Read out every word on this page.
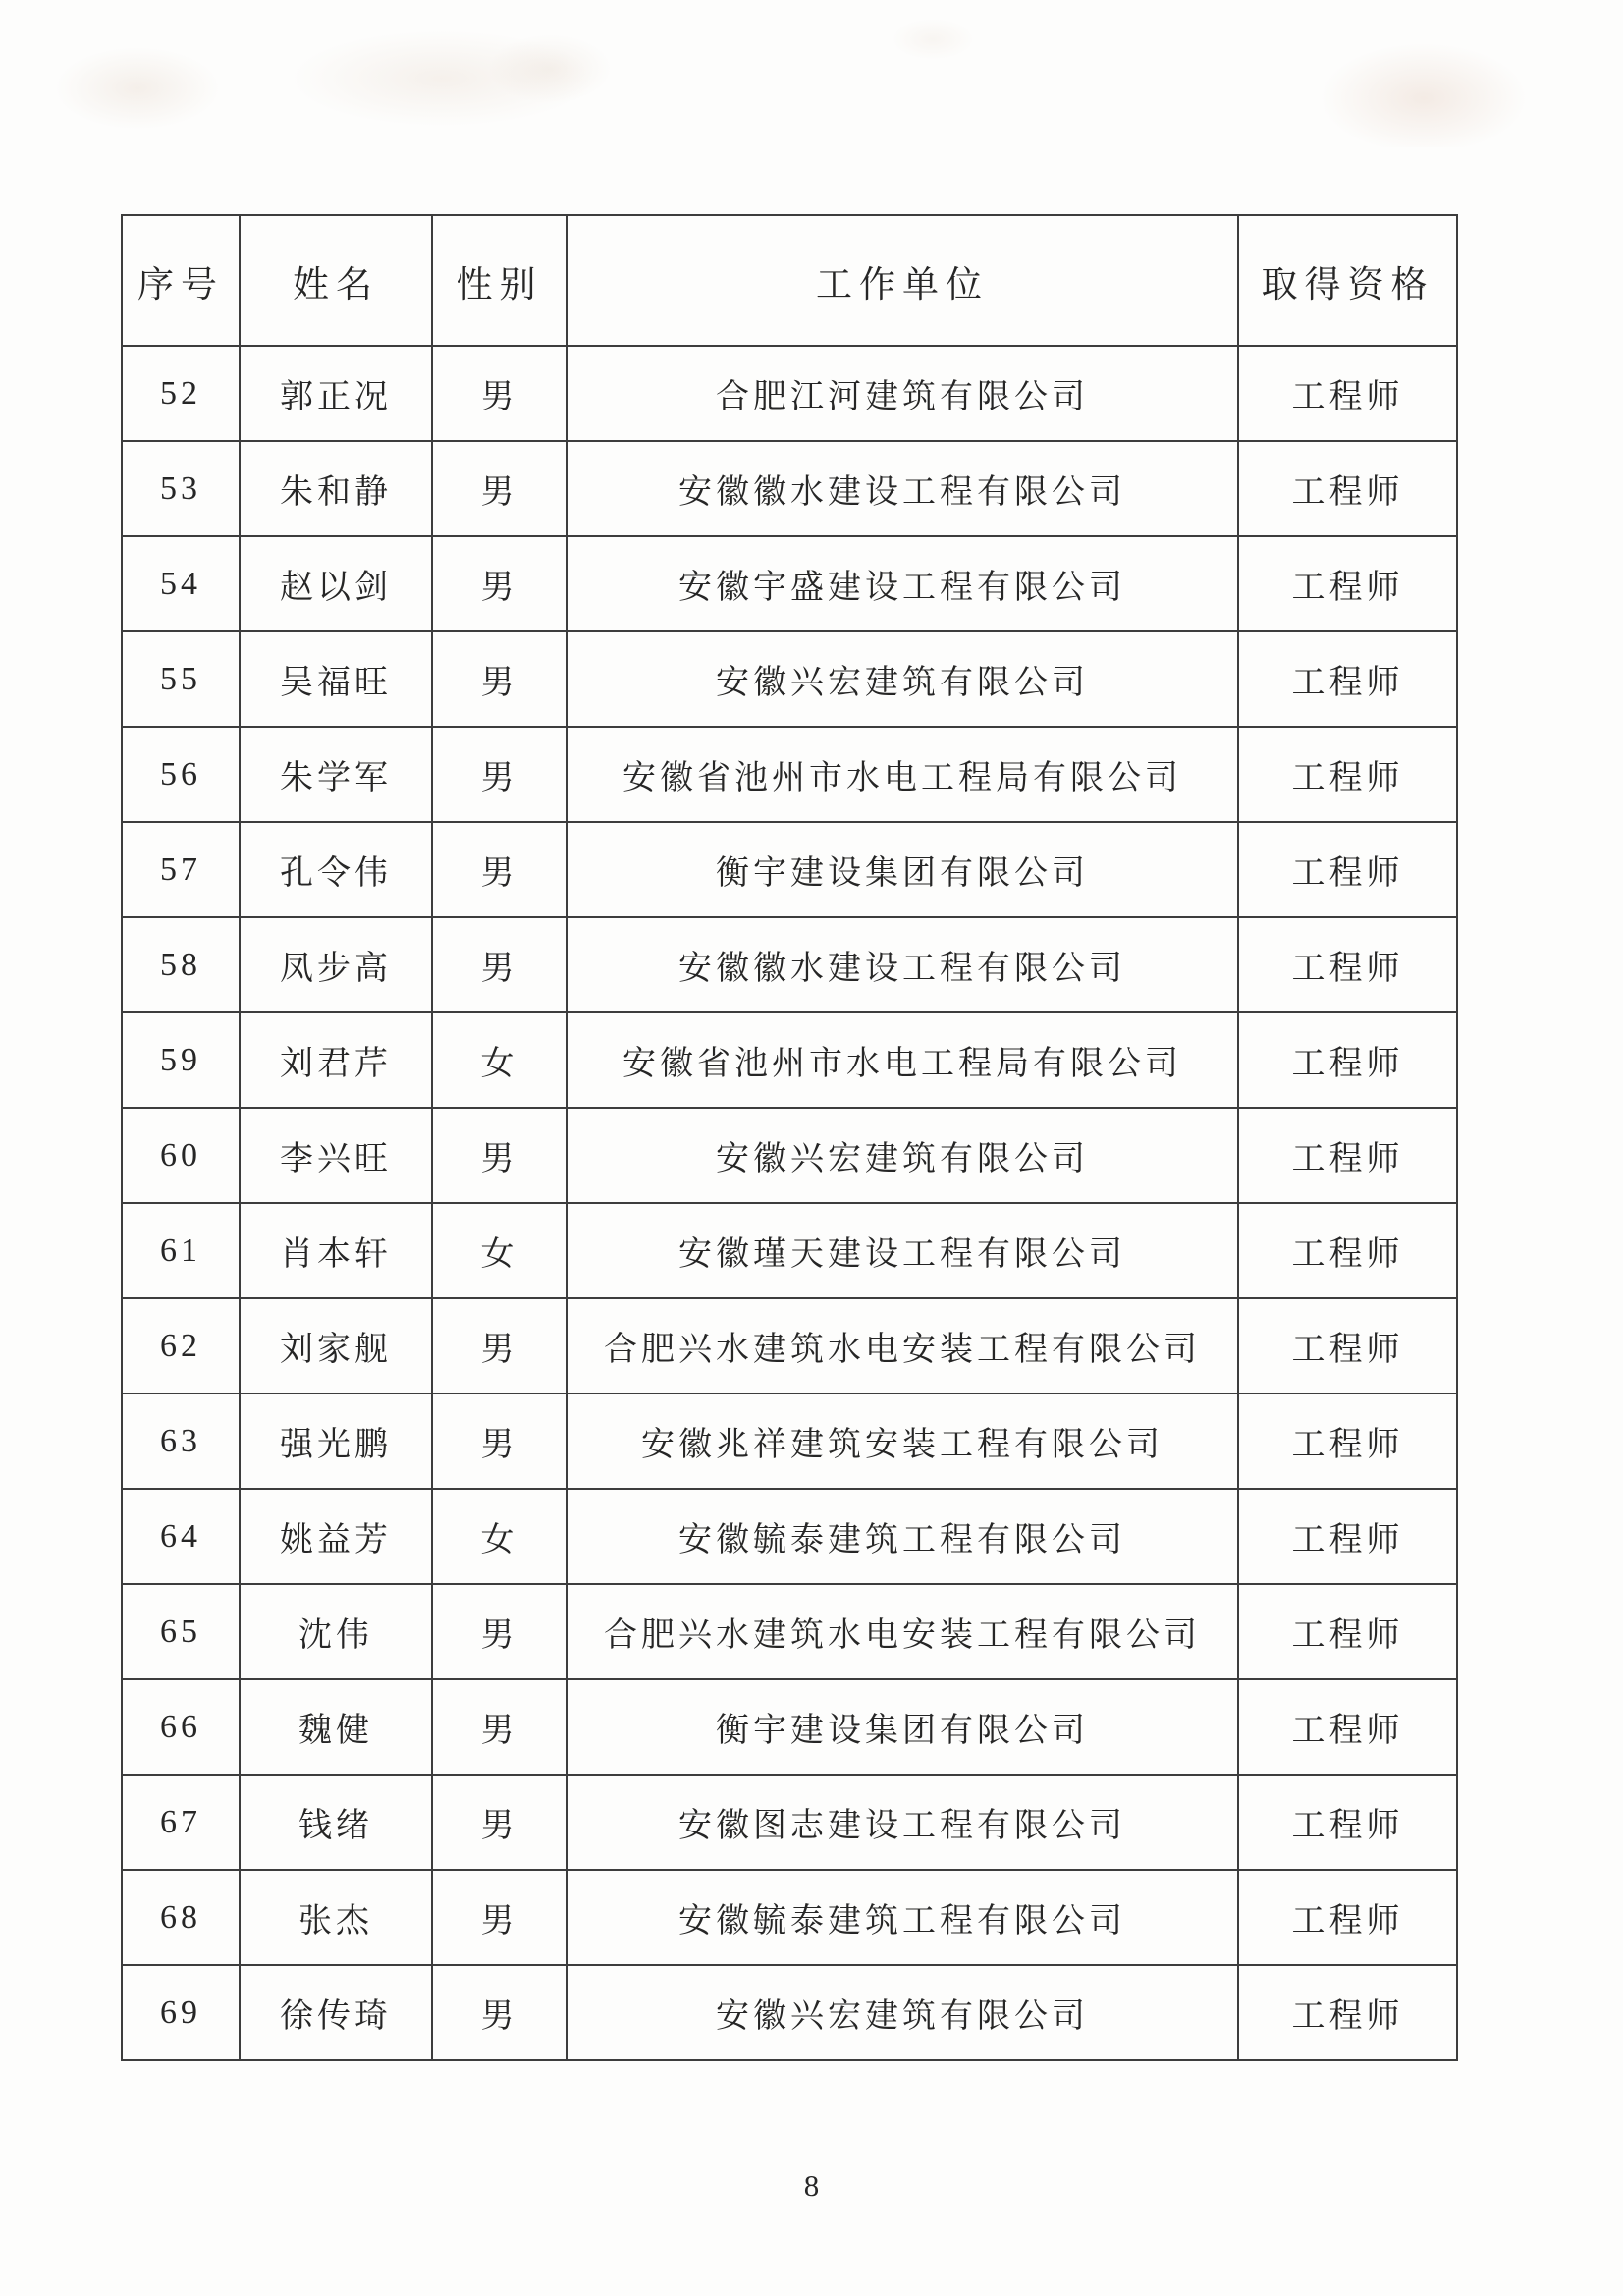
序号	姓名	性别	工作单位	取得资格
52	郭正况	男	合肥江河建筑有限公司	工程师
53	朱和静	男	安徽徽水建设工程有限公司	工程师
54	赵以剑	男	安徽宇盛建设工程有限公司	工程师
55	吴福旺	男	安徽兴宏建筑有限公司	工程师
56	朱学军	男	安徽省池州市水电工程局有限公司	工程师
57	孔令伟	男	衡宇建设集团有限公司	工程师
58	凤步高	男	安徽徽水建设工程有限公司	工程师
59	刘君芹	女	安徽省池州市水电工程局有限公司	工程师
60	李兴旺	男	安徽兴宏建筑有限公司	工程师
61	肖本轩	女	安徽瑾天建设工程有限公司	工程师
62	刘家舰	男	合肥兴水建筑水电安装工程有限公司	工程师
63	强光鹏	男	安徽兆祥建筑安装工程有限公司	工程师
64	姚益芳	女	安徽毓泰建筑工程有限公司	工程师
65	沈伟	男	合肥兴水建筑水电安装工程有限公司	工程师
66	魏健	男	衡宇建设集团有限公司	工程师
67	钱绪	男	安徽图志建设工程有限公司	工程师
68	张杰	男	安徽毓泰建筑工程有限公司	工程师
69	徐传琦	男	安徽兴宏建筑有限公司	工程师
8
